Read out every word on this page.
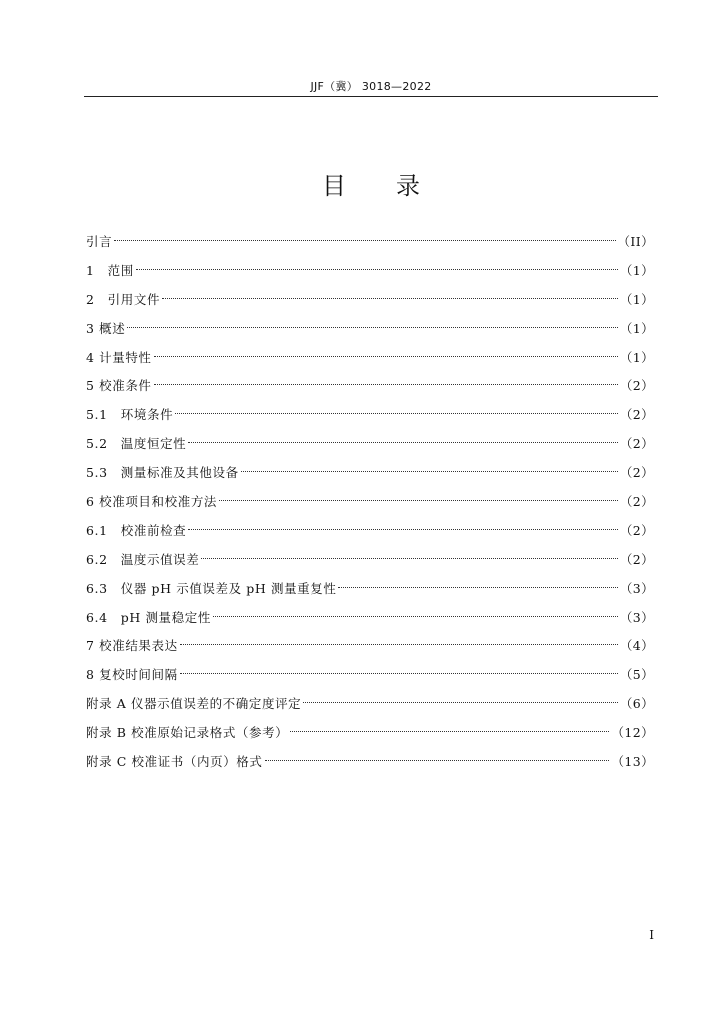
JJF（冀） 3018—2022
目 录
引言	（II）
1　范围	（1）
2　引用文件	（1）
3 概述	（1）
4 计量特性	（1）
5 校准条件	（2）
5.1　环境条件	（2）
5.2　温度恒定性	（2）
5.3　测量标准及其他设备	（2）
6 校准项目和校准方法	（2）
6.1　校准前检查	（2）
6.2　温度示值误差	（2）
6.3　仪器 pH 示值误差及 pH 测量重复性	（3）
6.4　pH 测量稳定性	（3）
7 校准结果表达	（4）
8 复校时间间隔	（5）
附录 A 仪器示值误差的不确定度评定	（6）
附录 B 校准原始记录格式（参考）	（12）
附录 C 校准证书（内页）格式	（13）
I
